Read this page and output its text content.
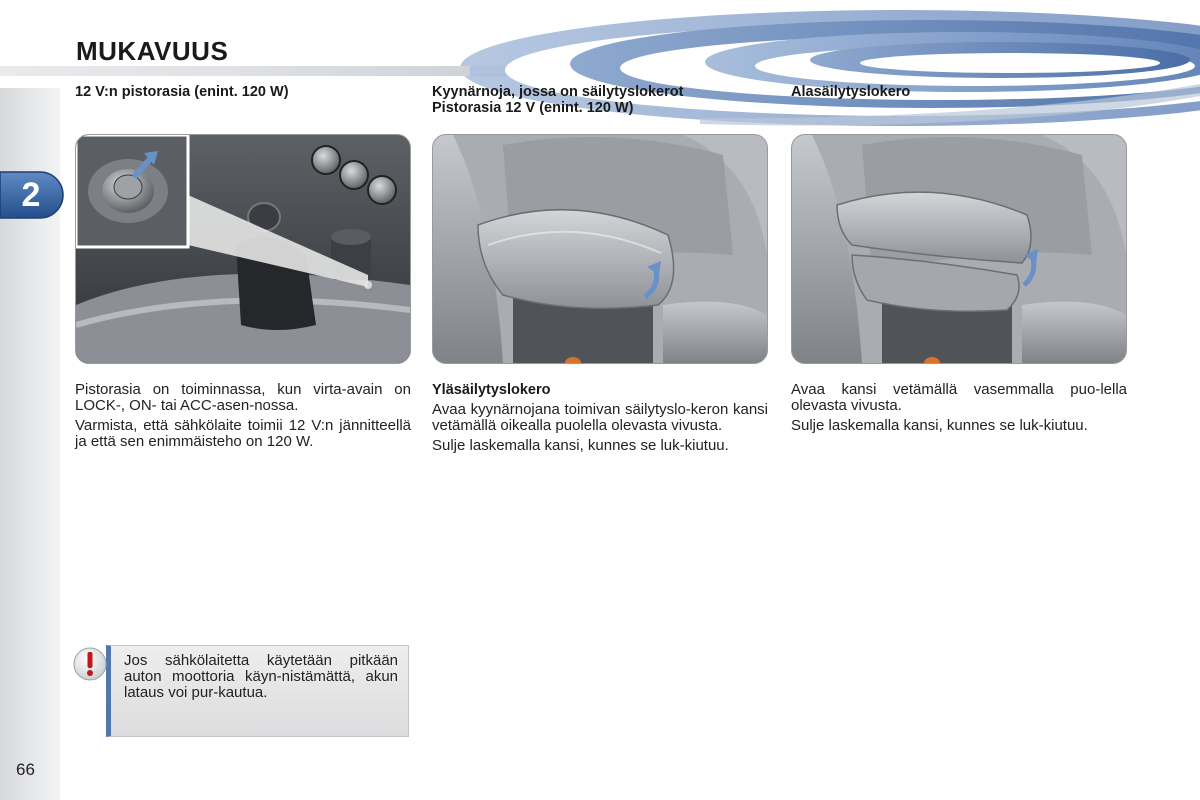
MUKAVUUS
2
66
12 V:n pistorasia (enint. 120 W)

Pistorasia on toiminnassa, kun virta-avain on LOCK-, ON- tai ACC-asen-nossa.

Varmista, että sähkölaite toimii 12 V:n jännitteellä ja että sen enimmäisteho on 120 W.

Kyynärnoja, jossa on säilytyslokerot
Pistorasia 12 V (enint. 120 W)
Yläsäilytyslokero

Avaa kyynärnojana toimivan säilytyslo-keron kansi vetämällä oikealla puolella olevasta vivusta.

Sulje laskemalla kansi, kunnes se luk-kiutuu.

Alasäilytyslokero

Avaa kansi vetämällä vasemmalla puo-lella olevasta vivusta.

Sulje laskemalla kansi, kunnes se luk-kiutuu.

Jos sähkölaitetta käytetään pitkään auton moottoria käyn-nistämättä, akun lataus voi pur-kautua.
